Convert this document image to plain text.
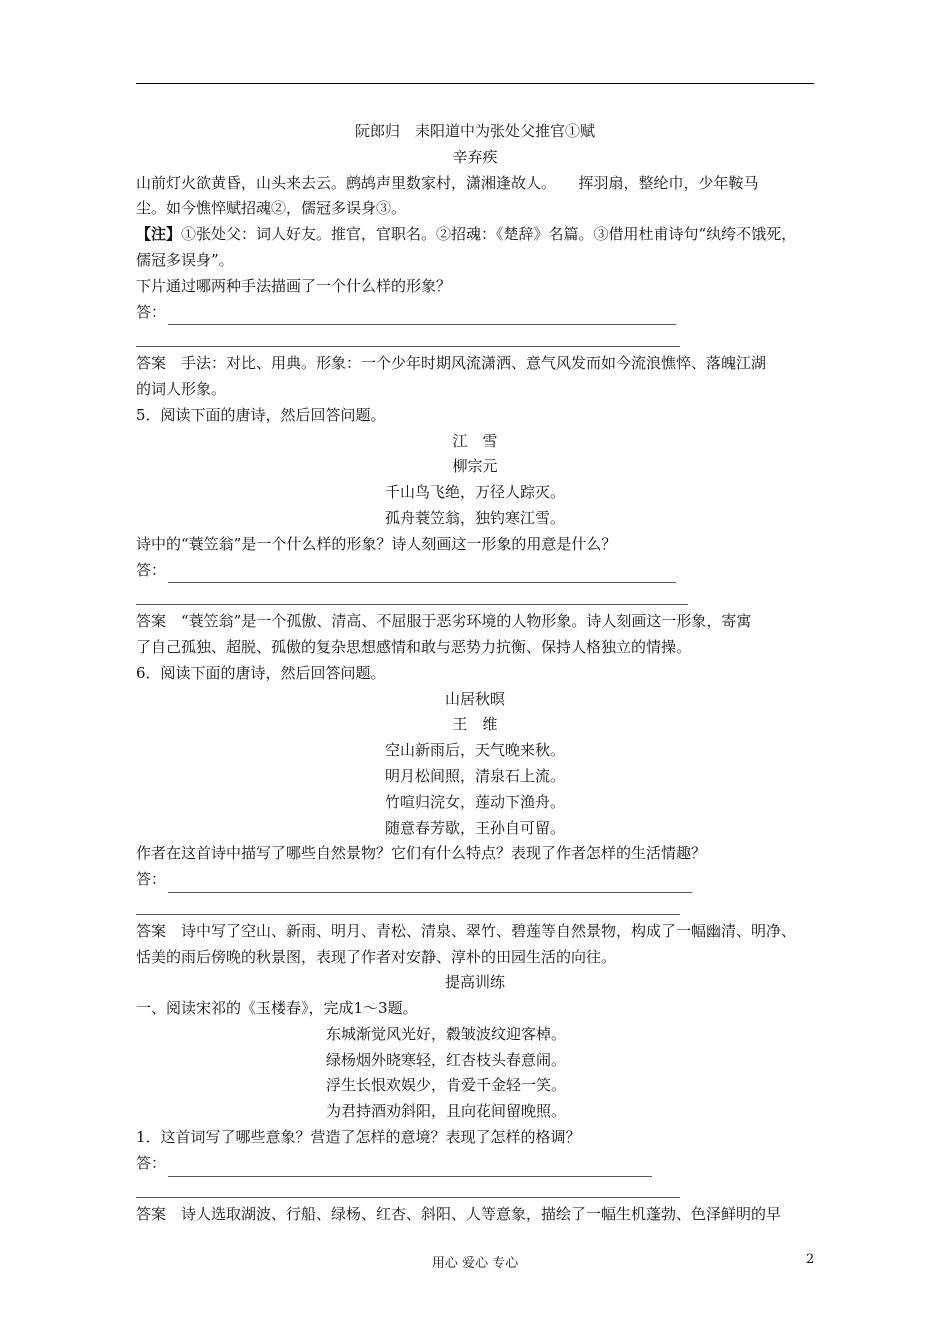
阮郎归　耒阳道中为张处父推官①赋
辛弃疾
山前灯火欲黄昏，山头来去云。鹧鸪声里数家村，潇湘逢故人。　　挥羽扇，整纶巾，少年鞍马
尘。如今憔悴赋招魂②，儒冠多误身③。
【注】①张处父：词人好友。推官，官职名。②招魂：《楚辞》名篇。③借用杜甫诗句“纨绔不饿死，
儒冠多误身”。
下片通过哪两种手法描画了一个什么样的形象？
答：
答案　手法：对比、用典。形象：一个少年时期风流潇洒、意气风发而如今流浪憔悴、落魄江湖
的词人形象。
5．阅读下面的唐诗，然后回答问题。
江　雪
柳宗元
千山鸟飞绝，万径人踪灭。
孤舟蓑笠翁，独钓寒江雪。
诗中的“蓑笠翁”是一个什么样的形象？诗人刻画这一形象的用意是什么？
答：
答案　“蓑笠翁”是一个孤傲、清高、不屈服于恶劣环境的人物形象。诗人刻画这一形象，寄寓
了自己孤独、超脱、孤傲的复杂思想感情和敢与恶势力抗衡、保持人格独立的情操。
6．阅读下面的唐诗，然后回答问题。
山居秋暝
王　维
空山新雨后，天气晚来秋。
明月松间照，清泉石上流。
竹喧归浣女，莲动下渔舟。
随意春芳歇，王孙自可留。
作者在这首诗中描写了哪些自然景物？它们有什么特点？表现了作者怎样的生活情趣？
答：
答案　诗中写了空山、新雨、明月、青松、清泉、翠竹、碧莲等自然景物，构成了一幅幽清、明净、
恬美的雨后傍晚的秋景图，表现了作者对安静、淳朴的田园生活的向往。
提高训练
一、阅读宋祁的《玉楼春》，完成1～3题。
东城渐觉风光好，縠皱波纹迎客棹。
绿杨烟外晓寒轻，红杏枝头春意闹。
浮生长恨欢娱少，肯爱千金轻一笑。
为君持酒劝斜阳，且向花间留晚照。
1．这首词写了哪些意象？营造了怎样的意境？表现了怎样的格调？
答：
答案　诗人选取湖波、行船、绿杨、红杏、斜阳、人等意象，描绘了一幅生机蓬勃、色泽鲜明的早
用心 爱心 专心	2
